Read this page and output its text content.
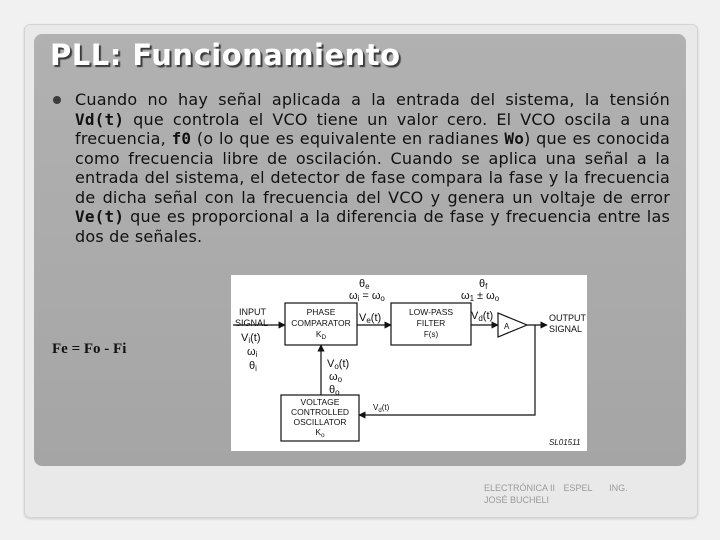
PLL: Funcionamiento

Cuando no hay señal aplicada a la entrada del sistema, la tensión Vd(t) que controla el VCO tiene un valor cero. El VCO oscila a una frecuencia, f0 (o lo que es equivalente en radianes Wo) que es conocida como frecuencia libre de oscilación. Cuando se aplica una señal a la entrada del sistema, el detector de fase compara la fase y la frecuencia de dicha señal con la frecuencia del VCO y genera un voltaje de error Ve(t) que es proporcional a la diferencia de fase y frecuencia entre las dos de señales.

θe
ωi = ωo
θf
ω1 ± ωo
INPUT
SIGNAL
Vi(t)
ωi
θi
PHASE
COMPARATOR
$K_D$
Ve(t)	LOW-PASS
FILTER
F(s)
Vd(t)
A
OUTPUT
SIGNAL
Vo(t)
ωo
θo
VOLTAGE
CONTROLLED
OSCILLATOR
$K_o$
$V_d(t)$
SL01511

Fe = Fo - Fi

ELECTRÓNICA II ESPEL ING.
JOSÉ BUCHELI
